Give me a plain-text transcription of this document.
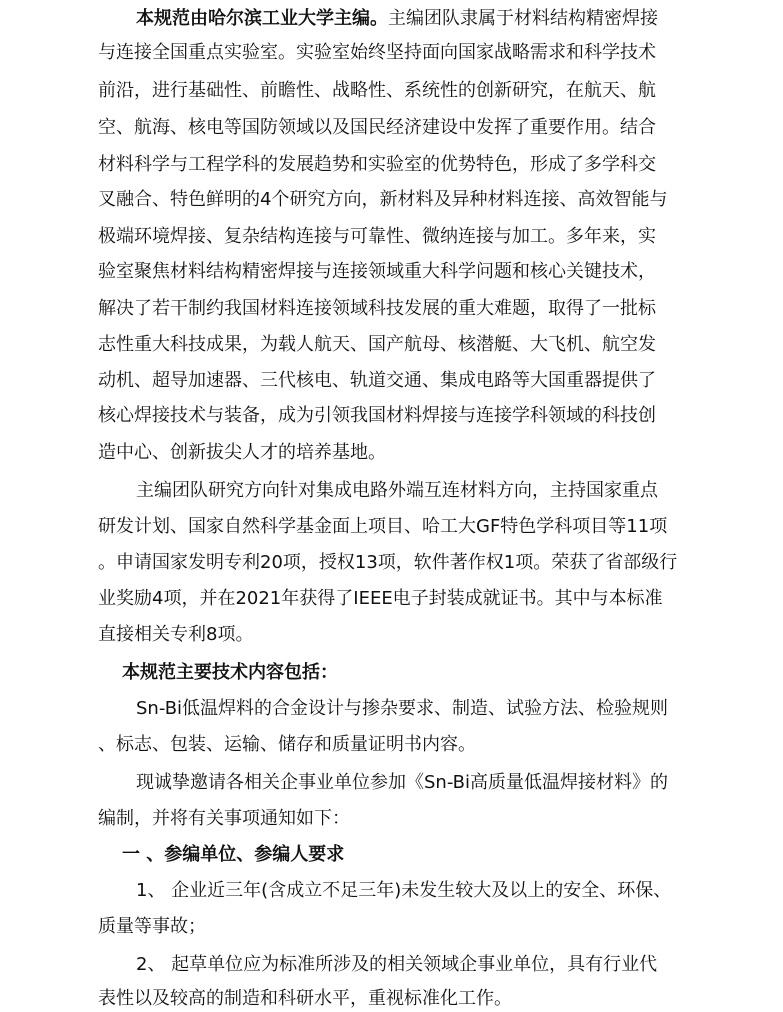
本规范由哈尔滨工业大学主编。主编团队隶属于材料结构精密焊接
与连接全国重点实验室。实验室始终坚持面向国家战略需求和科学技术
前沿，进行基础性、前瞻性、战略性、系统性的创新研究，在航天、航
空、航海、核电等国防领域以及国民经济建设中发挥了重要作用。结合
材料科学与工程学科的发展趋势和实验室的优势特色，形成了多学科交
叉融合、特色鲜明的4个研究方向，新材料及异种材料连接、高效智能与
极端环境焊接、复杂结构连接与可靠性、微纳连接与加工。多年来，实
验室聚焦材料结构精密焊接与连接领域重大科学问题和核心关键技术，
解决了若干制约我国材料连接领域科技发展的重大难题，取得了一批标
志性重大科技成果，为载人航天、国产航母、核潜艇、大飞机、航空发
动机、超导加速器、三代核电、轨道交通、集成电路等大国重器提供了
核心焊接技术与装备，成为引领我国材料焊接与连接学科领域的科技创
造中心、创新拔尖人才的培养基地。
主编团队研究方向针对集成电路外端互连材料方向，主持国家重点
研发计划、国家自然科学基金面上项目、哈工大GF特色学科项目等11项
。申请国家发明专利20项，授权13项，软件著作权1项。荣获了省部级行
业奖励4项，并在2021年获得了IEEE电子封装成就证书。其中与本标准
直接相关专利8项。
本规范主要技术内容包括：
Sn-Bi低温焊料的合金设计与掺杂要求、制造、试验方法、检验规则
、标志、包装、运输、储存和质量证明书内容。
现诚挚邀请各相关企事业单位参加《Sn-Bi高质量低温焊接材料》的
编制，并将有关事项通知如下：
一 、参编单位、参编人要求
1、 企业近三年(含成立不足三年)未发生较大及以上的安全、环保、
质量等事故；
2、 起草单位应为标准所涉及的相关领域企事业单位，具有行业代
表性以及较高的制造和科研水平，重视标准化工作。
